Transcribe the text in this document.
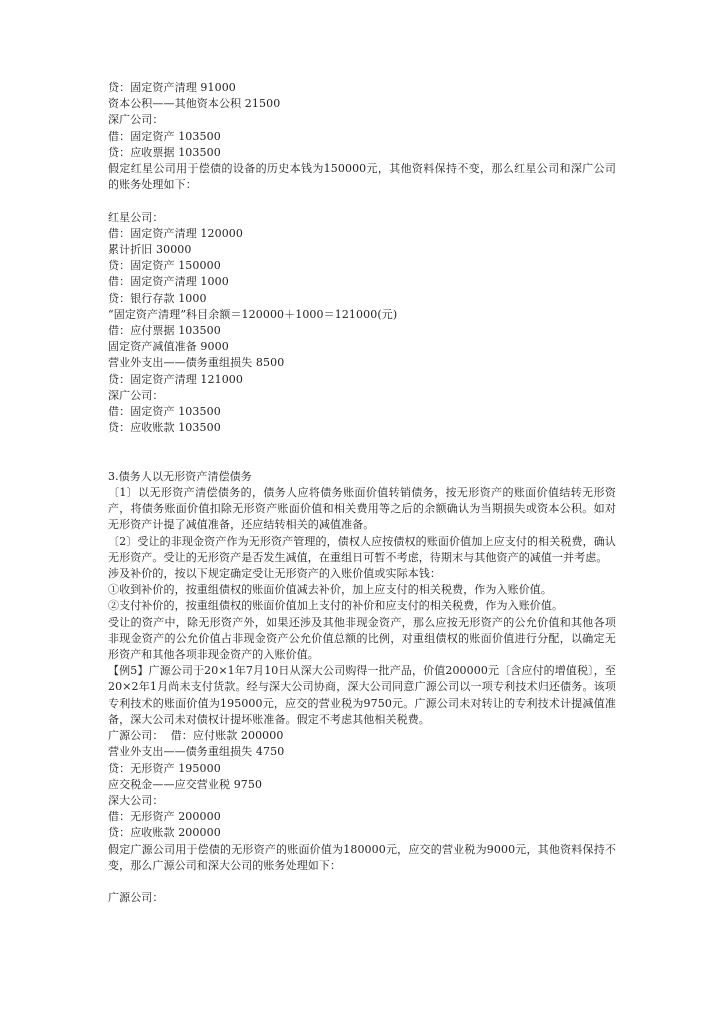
贷：固定资产清理 91000
资本公积——其他资本公积 21500
深广公司：
借：固定资产 103500
贷：应收票据 103500

假定红星公司用于偿债的设备的历史本钱为150000元，其他资料保持不变，那么红星公司和深广公司的账务处理如下：

红星公司：
借：固定资产清理 120000
累计折旧 30000
贷：固定资产 150000
借：固定资产清理 1000
贷：银行存款 1000
“固定资产清理”科目余额＝120000＋1000＝121000(元)
借：应付票据 103500
固定资产减值准备 9000
营业外支出——债务重组损失 8500
贷：固定资产清理 121000
深广公司：
借：固定资产 103500
贷：应收账款 103500
3.债务人以无形资产清偿债务

〔1〕以无形资产清偿债务的，债务人应将债务账面价值转销债务，按无形资产的账面价值结转无形资产，将债务账面价值扣除无形资产账面价值和相关费用等之后的余额确认为当期损失或资本公积。如对无形资产计提了减值准备，还应结转相关的减值准备。

〔2〕受让的非现金资产作为无形资产管理的，债权人应按债权的账面价值加上应支付的相关税费，确认无形资产。受让的无形资产是否发生减值，在重组日可暂不考虑，待期末与其他资产的减值一并考虑。

涉及补价的，按以下规定确定受让无形资产的入账价值或实际本钱：

①收到补价的，按重组债权的账面价值减去补价，加上应支付的相关税费，作为入账价值。

②支付补价的，按重组债权的账面价值加上支付的补价和应支付的相关税费，作为入账价值。

受让的资产中，除无形资产外，如果还涉及其他非现金资产，那么应按无形资产的公允价值和其他各项非现金资产的公允价值占非现金资产公允价值总额的比例，对重组债权的账面价值进行分配，以确定无形资产和其他各项非现金资产的入账价值。

【例5】广源公司于20×1年7月10日从深大公司购得一批产品，价值200000元〔含应付的增值税〕，至20×2年1月尚未支付货款。经与深大公司协商，深大公司同意广源公司以一项专利技术归还债务。该项专利技术的账面价值为195000元，应交的营业税为9750元。广源公司未对转让的专利技术计提减值准备，深大公司未对债权计提坏账准备。假定不考虑其他相关税费。

广源公司：  借：应付账款 200000
营业外支出——债务重组损失 4750
贷：无形资产 195000
应交税金——应交营业税 9750
深大公司：
借：无形资产 200000
贷：应收账款 200000

假定广源公司用于偿债的无形资产的账面价值为180000元，应交的营业税为9000元，其他资料保持不变，那么广源公司和深大公司的账务处理如下：

广源公司：
